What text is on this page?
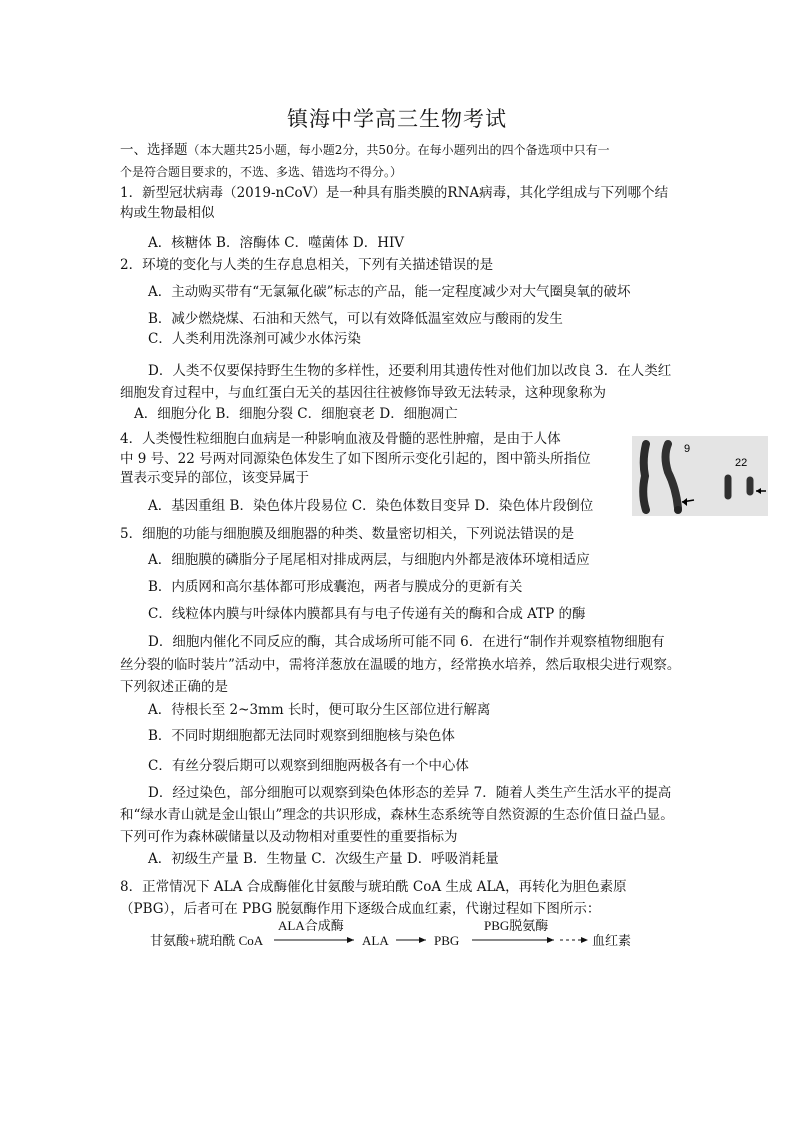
镇海中学高三生物考试
一、选择题（本大题共25小题，每小题2分，共50分。在每小题列出的四个备选项中只有一
个是符合题目要求的，不选、多选、错选均不得分。）
1．新型冠状病毒（2019-nCoV）是一种具有脂类膜的RNA病毒，其化学组成与下列哪个结
构或生物最相似
A．核糖体 B．溶酶体 C．噬菌体 D．HIV
2．环境的变化与人类的生存息息相关，下列有关描述错误的是
A．主动购买带有“无氯氟化碳”标志的产品，能一定程度减少对大气圈臭氧的破坏
B．减少燃烧煤、石油和天然气，可以有效降低温室效应与酸雨的发生
C．人类利用洗涤剂可减少水体污染
D．人类不仅要保持野生生物的多样性，还要利用其遗传性对他们加以改良 3．在人类红
细胞发育过程中，与血红蛋白无关的基因往往被修饰导致无法转录，这种现象称为
A．细胞分化 B．细胞分裂 C．细胞衰老 D．细胞凋亡
4．人类慢性粒细胞白血病是一种影响血液及骨髓的恶性肿瘤，是由于人体
中 9 号、22 号两对同源染色体发生了如下图所示变化引起的，图中箭头所指位
置表示变异的部位，该变异属于
A．基因重组 B．染色体片段易位 C．染色体数目变异 D．染色体片段倒位
9
22
5．细胞的功能与细胞膜及细胞器的种类、数量密切相关，下列说法错误的是
A．细胞膜的磷脂分子尾尾相对排成两层，与细胞内外都是液体环境相适应
B．内质网和高尔基体都可形成囊泡，两者与膜成分的更新有关
C．线粒体内膜与叶绿体内膜都具有与电子传递有关的酶和合成 ATP 的酶
D．细胞内催化不同反应的酶，其合成场所可能不同 6．在进行“制作并观察植物细胞有
丝分裂的临时装片”活动中，需将洋葱放在温暖的地方，经常换水培养，然后取根尖进行观察。
下列叙述正确的是
A．待根长至 2~3mm 长时，便可取分生区部位进行解离
B．不同时期细胞都无法同时观察到细胞核与染色体
C．有丝分裂后期可以观察到细胞两极各有一个中心体
D．经过染色，部分细胞可以观察到染色体形态的差异 7．随着人类生产生活水平的提高
和“绿水青山就是金山银山”理念的共识形成，森林生态系统等自然资源的生态价值日益凸显。
下列可作为森林碳储量以及动物相对重要性的重要指标为
A．初级生产量 B．生物量 C．次级生产量 D．呼吸消耗量
8．正常情况下 ALA 合成酶催化甘氨酸与琥珀酰 CoA 生成 ALA，再转化为胆色素原
（PBG），后者可在 PBG 脱氨酶作用下逐级合成血红素，代谢过程如下图所示：
甘氨酸+琥珀酰 CoA
ALA合成酶
ALA	PBG
PBG脱氨酶
血红素
